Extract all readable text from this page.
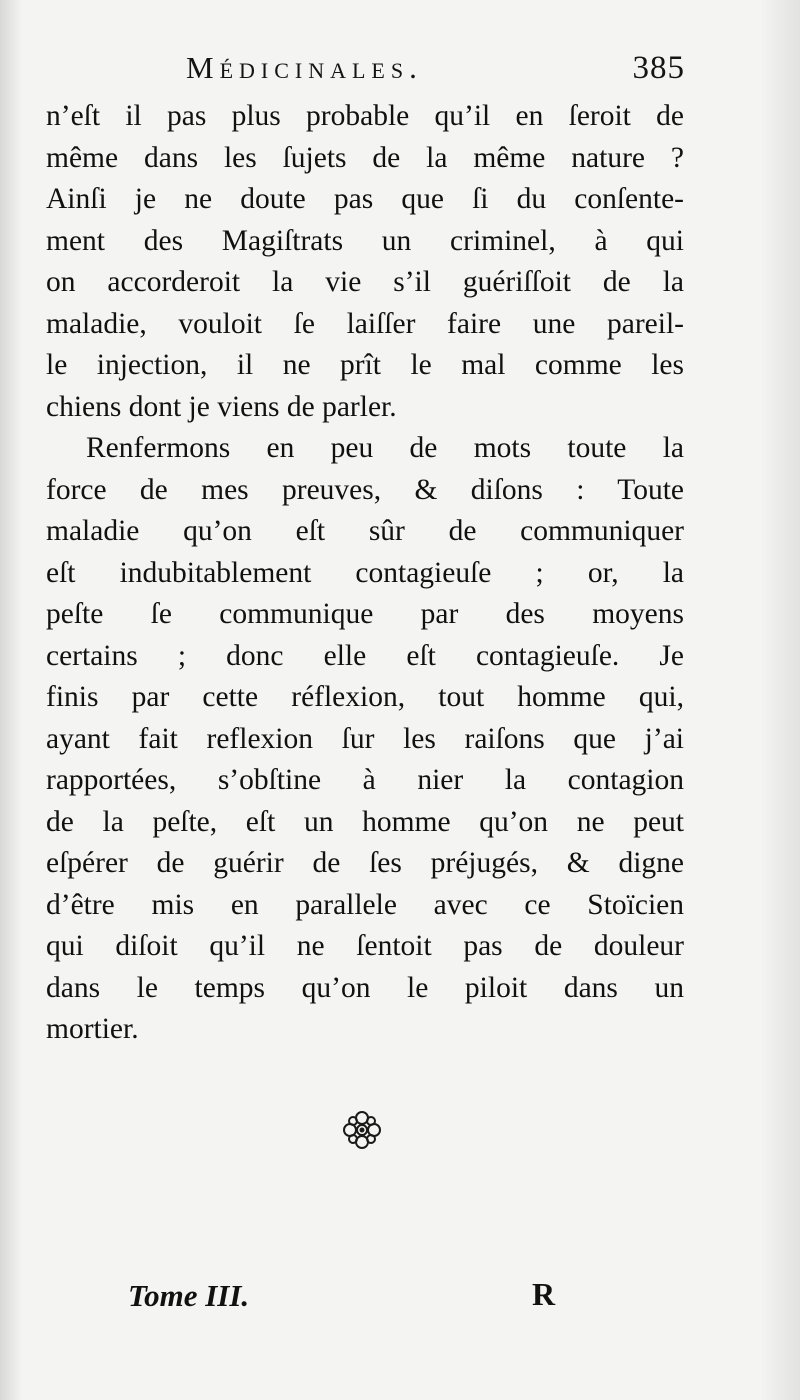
Médicinales.	385
n’eſt il pas plus probable qu’il en ſeroit de
même dans les ſujets de la même nature ?
Ainſi je ne doute pas que ſi du conſente-
ment des Magiſtrats un criminel, à qui
on accorderoit la vie s’il guériſſoit de la
maladie, vouloit ſe laiſſer faire une pareil-
le injection, il ne prît le mal comme les
chiens dont je viens de parler.
Renfermons en peu de mots toute la
force de mes preuves, & diſons : Toute
maladie qu’on eſt sûr de communiquer
eſt indubitablement contagieuſe ; or, la
peſte ſe communique par des moyens
certains ; donc elle eſt contagieuſe. Je
finis par cette réflexion, tout homme qui,
ayant fait reflexion ſur les raiſons que j’ai
rapportées, s’obſtine à nier la contagion
de la peſte, eſt un homme qu’on ne peut
eſpérer de guérir de ſes préjugés, & digne
d’être mis en parallele avec ce Stoïcien
qui diſoit qu’il ne ſentoit pas de douleur
dans le temps qu’on le piloit dans un
mortier.
Tome III.	R
